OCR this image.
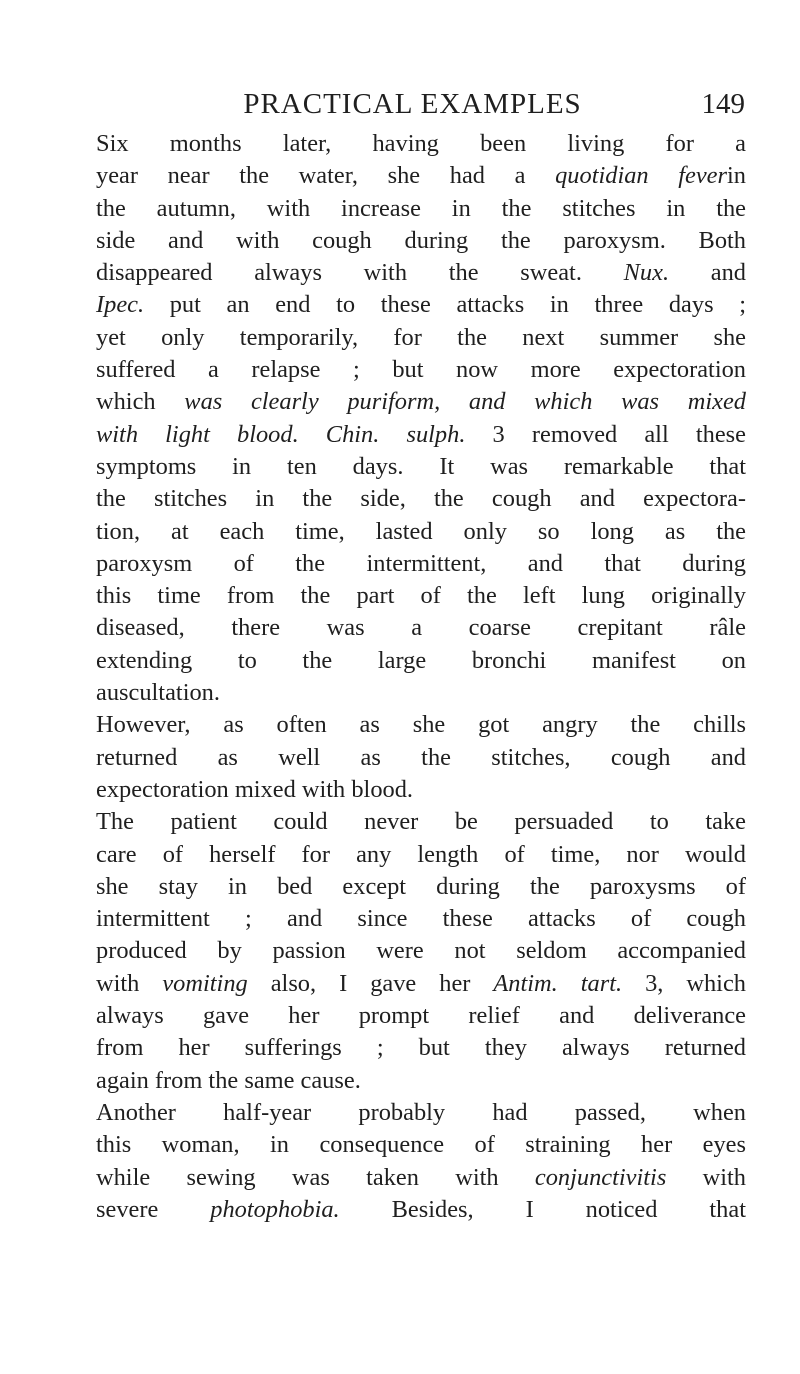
PRACTICAL EXAMPLES	149
Six months later, having been living for a
year near the water, she had a quotidian feverin
the autumn, with increase in the stitches in the
side and with cough during the paroxysm. Both
disappeared always with the sweat. Nux. and
Ipec. put an end to these attacks in three days ;
yet only temporarily, for the next summer she
suffered a relapse ; but now more expectoration
which was clearly puriform, and which was mixed
with light blood. Chin. sulph. 3 removed all these
symptoms in ten days. It was remarkable that
the stitches in the side, the cough and expectora-
tion, at each time, lasted only so long as the
paroxysm of the intermittent, and that during
this time from the part of the left lung originally
diseased, there was a coarse crepitant râle
extending to the large bronchi manifest on
auscultation.
However, as often as she got angry the chills
returned as well as the stitches, cough and
expectoration mixed with blood.
The patient could never be persuaded to take
care of herself for any length of time, nor would
she stay in bed except during the paroxysms of
intermittent ; and since these attacks of cough
produced by passion were not seldom accompanied
with vomiting also, I gave her Antim. tart. 3, which
always gave her prompt relief and deliverance
from her sufferings ; but they always returned
again from the same cause.
Another half-year probably had passed, when
this woman, in consequence of straining her eyes
while sewing was taken with conjunctivitis with
severe photophobia. Besides, I noticed that
